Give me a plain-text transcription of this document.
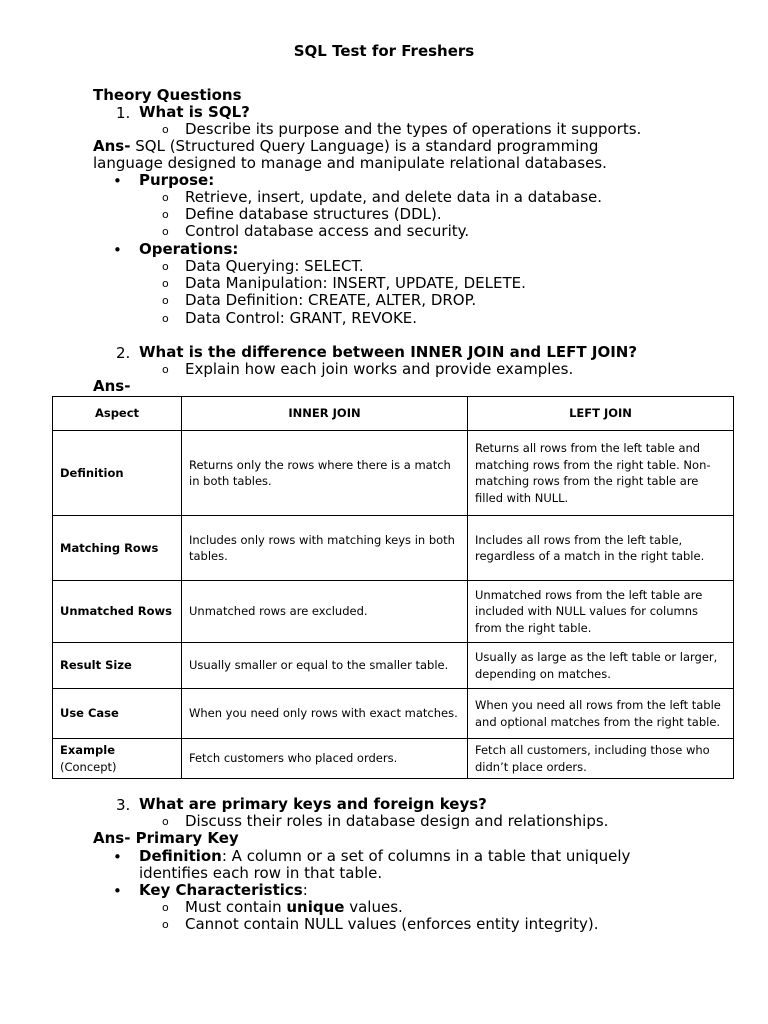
SQL Test for Freshers
Theory Questions
1. What is SQL?
o Describe its purpose and the types of operations it supports.
Ans- SQL (Structured Query Language) is a standard programming
language designed to manage and manipulate relational databases.
• Purpose:
o Retrieve, insert, update, and delete data in a database.
o Define database structures (DDL).
o Control database access and security.
• Operations:
o Data Querying: SELECT.
o Data Manipulation: INSERT, UPDATE, DELETE.
o Data Definition: CREATE, ALTER, DROP.
o Data Control: GRANT, REVOKE.
2. What is the difference between INNER JOIN and LEFT JOIN?
o Explain how each join works and provide examples.
Ans-
Aspect	INNER JOIN	LEFT JOIN
Definition	Returns only the rows where there is a match in both tables.	Returns all rows from the left table and matching rows from the right table. Non-matching rows from the right table are filled with NULL.
Matching Rows	Includes only rows with matching keys in both tables.	Includes all rows from the left table, regardless of a match in the right table.
Unmatched Rows	Unmatched rows are excluded.	Unmatched rows from the left table are included with NULL values for columns from the right table.
Result Size	Usually smaller or equal to the smaller table.	Usually as large as the left table or larger, depending on matches.
Use Case	When you need only rows with exact matches.	When you need all rows from the left table and optional matches from the right table.
Example (Concept)	Fetch customers who placed orders.	Fetch all customers, including those who didn’t place orders.
3. What are primary keys and foreign keys?
o Discuss their roles in database design and relationships.
Ans- Primary Key
• Definition: A column or a set of columns in a table that uniquely
identifies each row in that table.
• Key Characteristics:
o Must contain unique values.
o Cannot contain NULL values (enforces entity integrity).
